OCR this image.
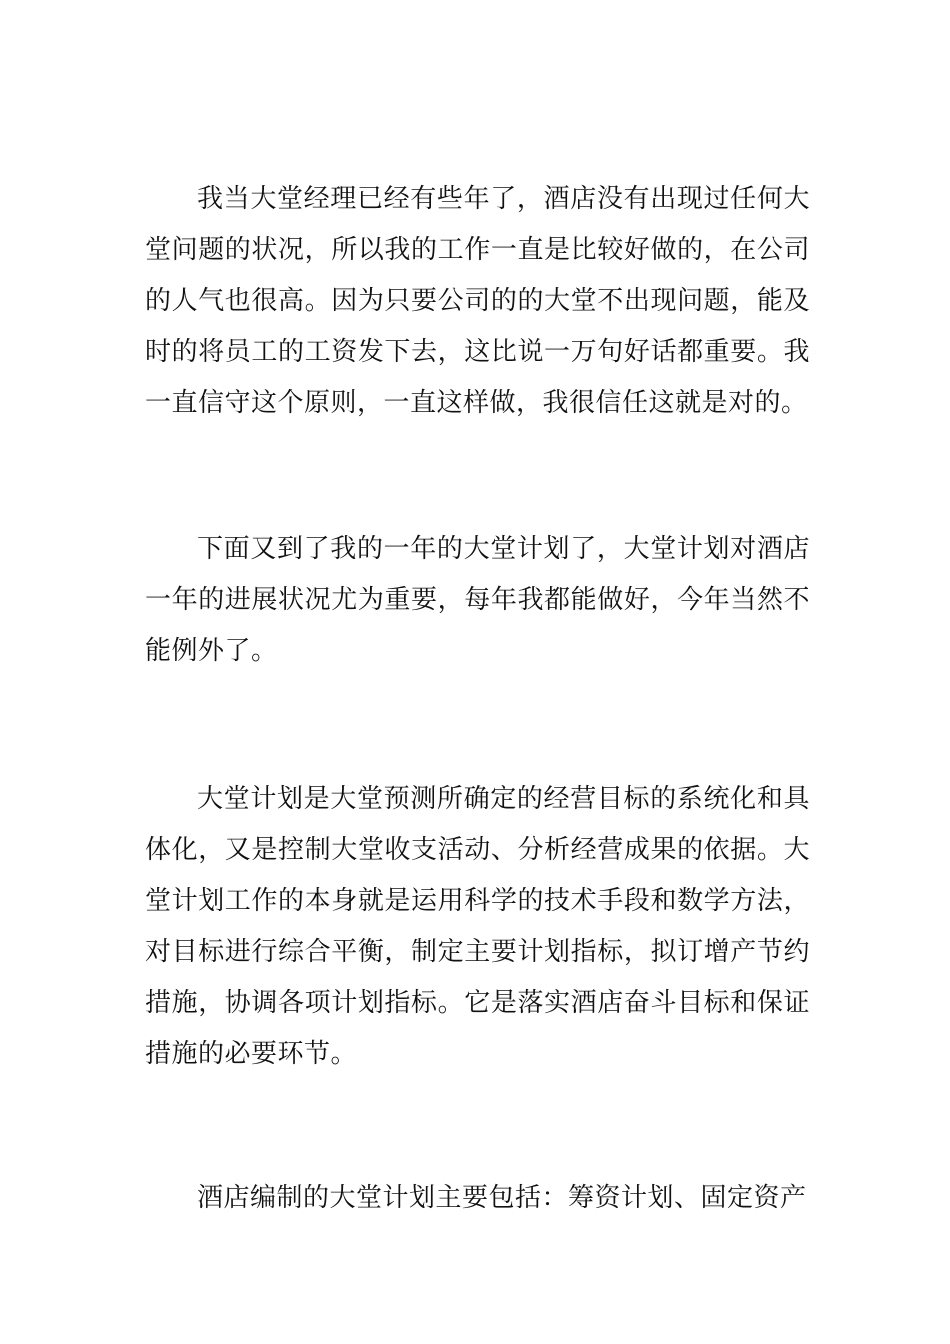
我当大堂经理已经有些年了，酒店没有出现过任何大堂问题的状况，所以我的工作一直是比较好做的，在公司的人气也很高。因为只要公司的的大堂不出现问题，能及时的将员工的工资发下去，这比说一万句好话都重要。我一直信守这个原则，一直这样做，我很信任这就是对的。

下面又到了我的一年的大堂计划了，大堂计划对酒店一年的进展状况尤为重要，每年我都能做好，今年当然不能例外了。

大堂计划是大堂预测所确定的经营目标的系统化和具体化，又是控制大堂收支活动、分析经营成果的依据。大堂计划工作的本身就是运用科学的技术手段和数学方法，对目标进行综合平衡，制定主要计划指标，拟订增产节约措施，协调各项计划指标。它是落实酒店奋斗目标和保证措施的必要环节。

酒店编制的大堂计划主要包括：筹资计划、固定资产
